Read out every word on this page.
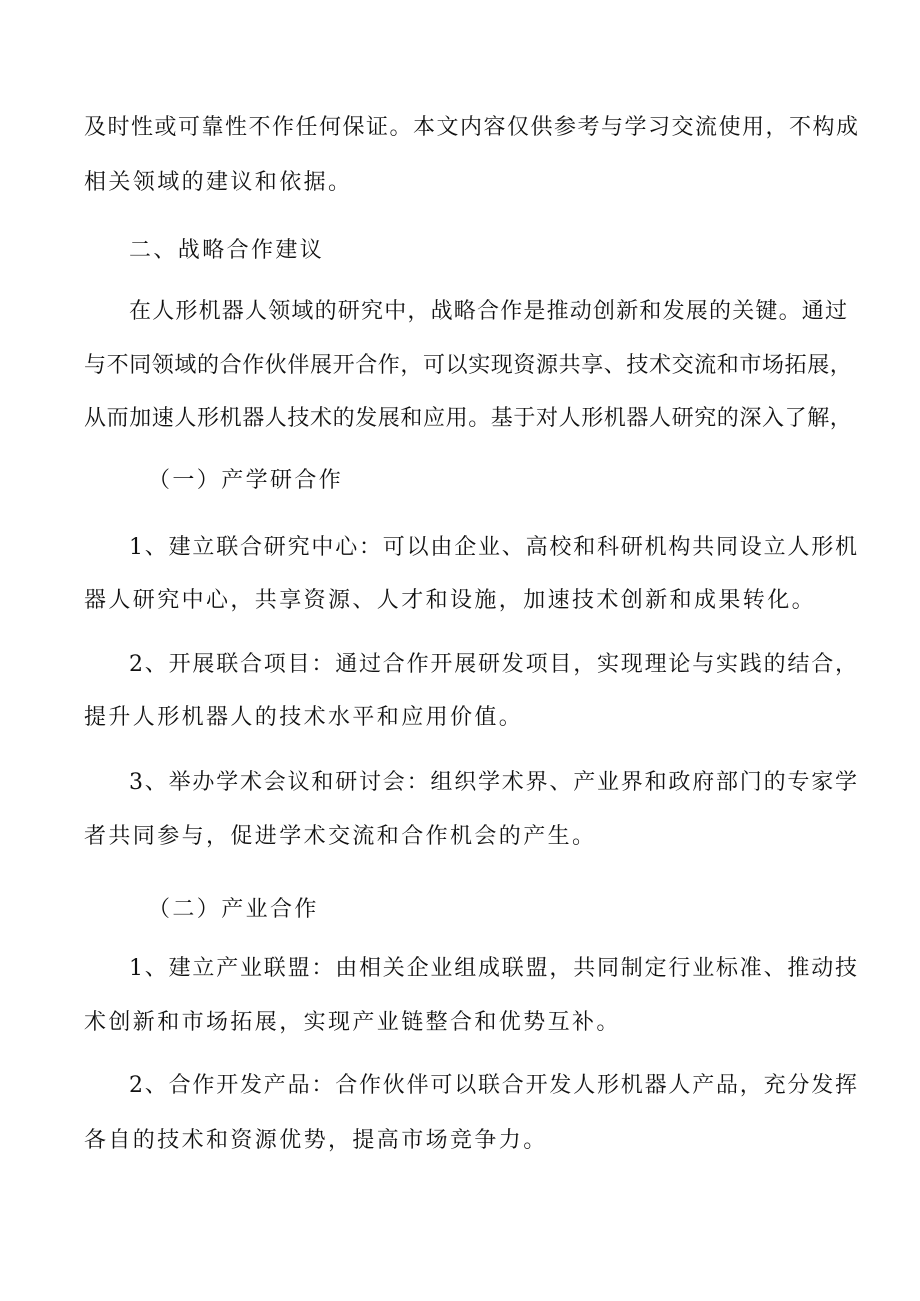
及时性或可靠性不作任何保证。本文内容仅供参考与学习交流使用，不构成
相关领域的建议和依据。
二、战略合作建议
在人形机器人领域的研究中，战略合作是推动创新和发展的关键。通过
与不同领域的合作伙伴展开合作，可以实现资源共享、技术交流和市场拓展，
从而加速人形机器人技术的发展和应用。基于对人形机器人研究的深入了解，
（一）产学研合作
1、建立联合研究中心：可以由企业、高校和科研机构共同设立人形机
器人研究中心，共享资源、人才和设施，加速技术创新和成果转化。
2、开展联合项目：通过合作开展研发项目，实现理论与实践的结合，
提升人形机器人的技术水平和应用价值。
3、举办学术会议和研讨会：组织学术界、产业界和政府部门的专家学
者共同参与，促进学术交流和合作机会的产生。
（二）产业合作
1、建立产业联盟：由相关企业组成联盟，共同制定行业标准、推动技
术创新和市场拓展，实现产业链整合和优势互补。
2、合作开发产品：合作伙伴可以联合开发人形机器人产品，充分发挥
各自的技术和资源优势，提高市场竞争力。
